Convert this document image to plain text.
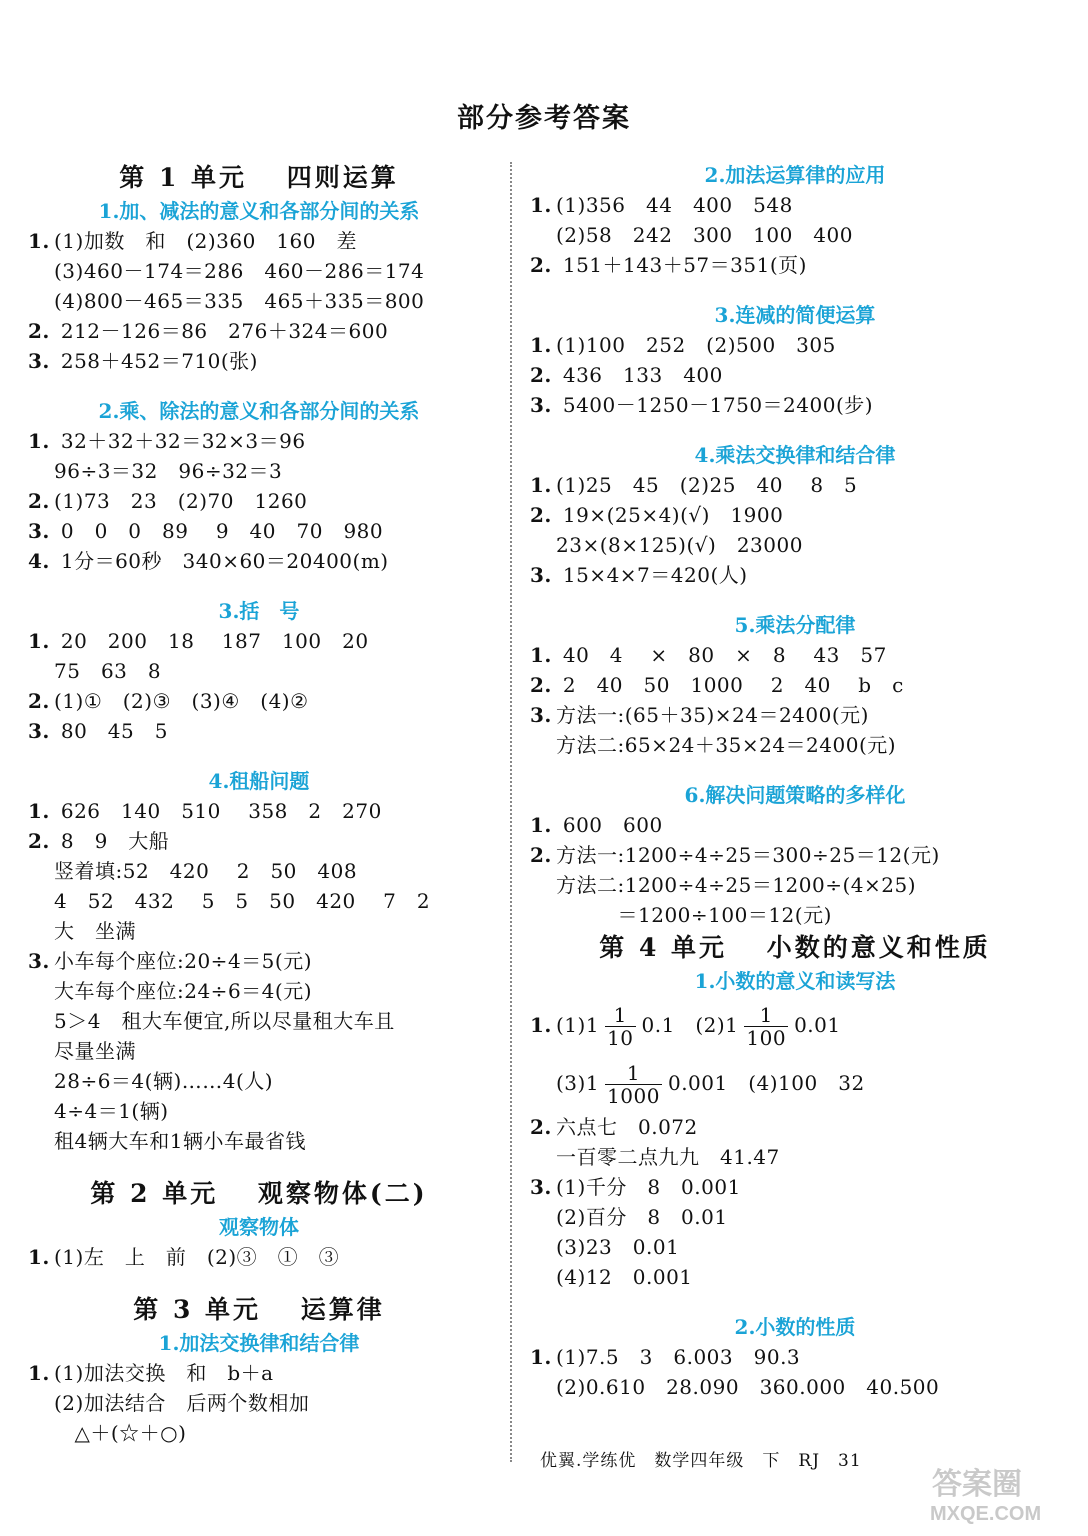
部分参考答案
第 1 单元　 四则运算
1.加、减法的意义和各部分间的关系
1. (1)加数　和　(2)360　160　差
(3)460－174＝286　460－286＝174
(4)800－465＝335　465＋335＝800
2. 212－126＝86　276＋324＝600
3. 258＋452＝710(张)
2.乘、除法的意义和各部分间的关系
1. 32＋32＋32＝32×3＝96
96÷3＝32　96÷32＝3
2. (1)73　23　(2)70　1260
3. 0　0　0　89　 9　40　70　980
4. 1分＝60秒　340×60＝20400(m)
3.括　号
1. 20　200　18　 187　100　20
75　63　8
2. (1)①　(2)③　(3)④　(4)②
3. 80　45　5
4.租船问题
1. 626　140　510　 358　2　270
2. 8　9　大船
竖着填:52　420　 2　50　408
4　52　432　 5　5　50　420　 7　2
大　坐满
3. 小车每个座位:20÷4＝5(元)
大车每个座位:24÷6＝4(元)
5＞4　租大车便宜,所以尽量租大车且
尽量坐满
28÷6＝4(辆)……4(人)
4÷4＝1(辆)
租4辆大车和1辆小车最省钱
第 2 单元　 观察物体(二)
观察物体
1. (1)左　上　前　(2)③　①　③
第 3 单元　 运算律
1.加法交换律和结合律
1. (1)加法交换　和　b＋a
(2)加法结合　后两个数相加
　△＋(☆＋○)
2.加法运算律的应用
1. (1)356　44　400　548
(2)58　242　300　100　400
2. 151＋143＋57＝351(页)
3.连减的简便运算
1. (1)100　252　(2)500　305
2. 436　133　400
3. 5400－1250－1750＝2400(步)
4.乘法交换律和结合律
1. (1)25　45　(2)25　40　 8　5
2. 19×(25×4)(√)　1900
23×(8×125)(√)　23000
3. 15×4×7＝420(人)
5.乘法分配律
1. 40　4　 ×　80　×　8　 43　57
2. 2　40　50　1000　 2　40　 b　c
3. 方法一:(65＋35)×24＝2400(元)
方法二:65×24＋35×24＝2400(元)
6.解决问题策略的多样化
1. 600　600
2. 方法一:1200÷4÷25＝300÷25＝12(元)
方法二:1200÷4÷25＝1200÷(4×25)
　　　＝1200÷100＝12(元)
第 4 单元　 小数的意义和性质
1.小数的意义和读写法
1. $(1)1 \frac{1}{10} 0.1$　$(2)1 \frac{1}{100} 0.01$
$(3)1 \frac{1}{1000} 0.001$　(4)100　32
2. 六点七　0.072
一百零二点九九　41.47
3. (1)千分　8　0.001
(2)百分　8　0.01
(3)23　0.01
(4)12　0.001
2.小数的性质
1. (1)7.5　3　6.003　90.3
(2)0.610　28.090　360.000　40.500
优翼.学练优　数学四年级　下　RJ　31
答案圈
MXQE.COM
